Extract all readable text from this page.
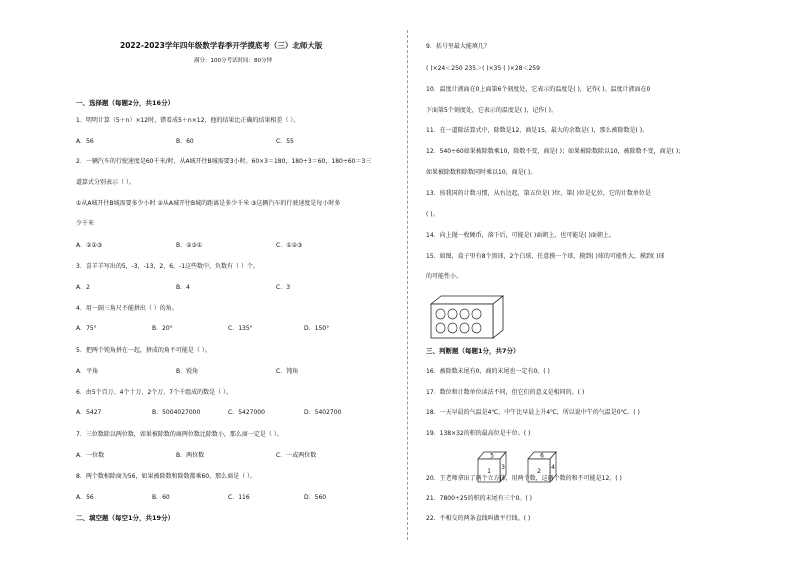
2022-2023学年四年级数学春季开学摸底考（三）北师大版
满分：100分考试时间：80分钟
一、选择题（每题2分，共16分）
1．明明计算（5＋n）×12时，错看成5＋n×12，他的结果比正确的结果相差（ ）。
A．56	B．60	C．55
2．一辆汽车的行驶速度是60千米/时，从A城开往B城需要3小时。60×3＝180，180÷3＝60，180÷60＝3三
道算式分别表示（ ）。
①从A城开往B城需要多少小时 ②从A城开往B城的距离是多少千米 ③这辆汽车的行驶速度是每小时多
少千米
A．②①③	B．②③①	C．①②③
3．喜羊羊写出的5，-3，-13，2，6，-1这些数中，负数有（ ）个。
A．2	B．4	C．3
4．用一副三角尺不能拼出（ ）的角。
A．75°	B．20°	C．135°	D．150°
5．把两个钝角拼在一起，拼成的角不可能是（ ）。
A．平角	B．锐角	C．钝角
6．由5个百万、4个十万、2个万、7个千组成的数是（ ）。
A．5427	B．5004027000	C．5427000	D．5402700
7．三位数除以两位数，如果被除数的商两位数比除数小，那么商一定是（ ）。
A．一位数	B．两位数	C．一或两位数
8．两个数相除商为56，如果被除数和除数都乘60，那么商是（ ）。
A．56	B．60	C．116	D．560
二、填空题（每空1分，共19分）
9．括号里最大能填几？
( )×24＜250 235＞( )×35 ( )×28＜259
10．温度计液面在0上面第6个刻度处，它表示的温度是( )，记作( )。温度计液面在0
下面第5个刻度处，它表示的温度是( )，记作( )。
11．在一道除法算式中，除数是12，商是15，最大的余数是( )，那么被除数是( )。
12．540÷60如果被除数乘10，除数不变，商是( )；如果被除数除以10，被除数不变，商是( )；
如果被除数和除数同时乘以10，商是( )。
13．按我国的计数习惯，从右边起，第五位是( )位，第( )位是亿位，它的计数单位是
( )。
14．向上抛一枚硬币，落下后，可能是( )面朝上，也可能是( )面朝上。
15．如图，盒子里有8个黑球，2个白球，任意摸一个球，摸到( )球的可能性大，摸到( )球
的可能性小。
三、判断题（每题1分，共7分）
16．被除数末尾有0，商的末尾也一定有0。( )
17．数位和计数单位读法不同，但它们的意义是相同的。( )
18．一天早晨的气温是4℃，中午比早晨上升4℃，所以说中午的气温是0℃。( )
19．138×32的积的最高位是千位。( )
5
1
3
6
2
4
20．王老师拿出了两个立方体，用两个数，这两个数的和不可能是12。( )
21．7800÷25的积的末尾有三个0。( )
22．不相交的两条直线叫做平行线。( )
